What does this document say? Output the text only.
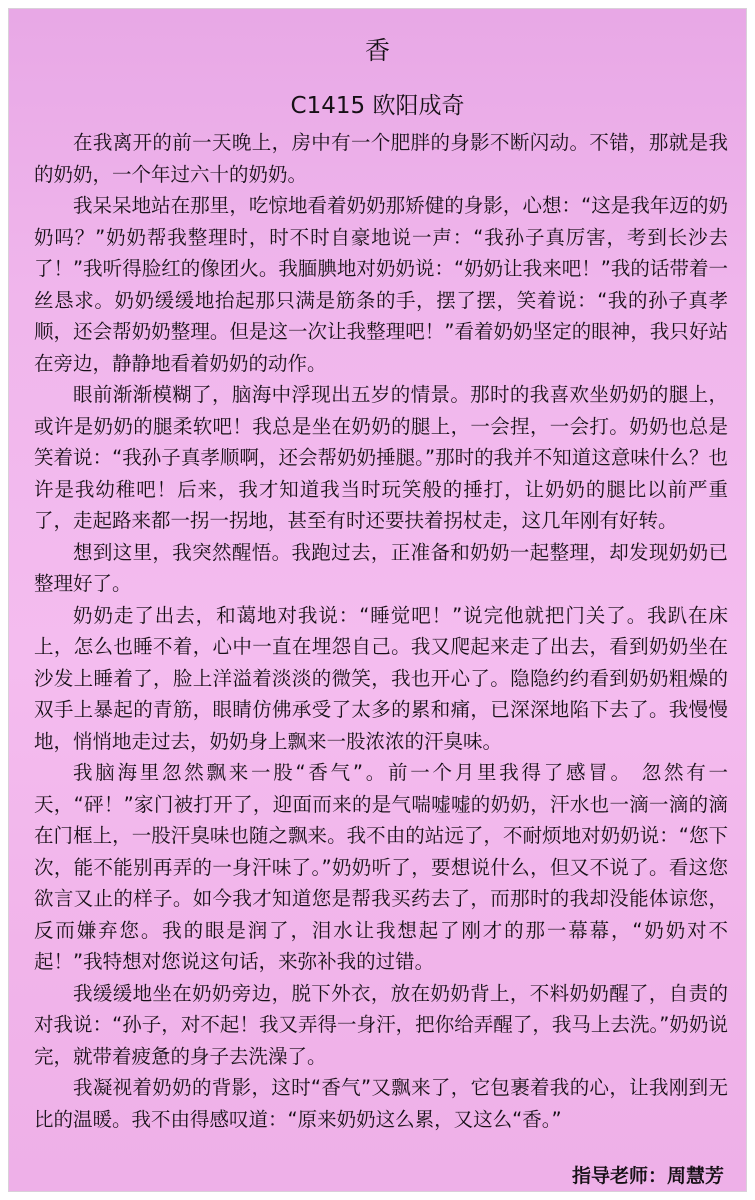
香
C1415 欧阳成奇

在我离开的前一天晚上，房中有一个肥胖的身影不断闪动。不错，那就是我的奶奶，一个年过六十的奶奶。

我呆呆地站在那里，吃惊地看着奶奶那矫健的身影，心想：“这是我年迈的奶奶吗？”奶奶帮我整理时，时不时自豪地说一声：“我孙子真厉害，考到长沙去了！”我听得脸红的像团火。我腼腆地对奶奶说：“奶奶让我来吧！”我的话带着一丝恳求。奶奶缓缓地抬起那只满是筋条的手，摆了摆，笑着说：“我的孙子真孝顺，还会帮奶奶整理。但是这一次让我整理吧！”看着奶奶坚定的眼神，我只好站在旁边，静静地看着奶奶的动作。

眼前渐渐模糊了，脑海中浮现出五岁的情景。那时的我喜欢坐奶奶的腿上，或许是奶奶的腿柔软吧！我总是坐在奶奶的腿上，一会捏，一会打。奶奶也总是笑着说：“我孙子真孝顺啊，还会帮奶奶捶腿。”那时的我并不知道这意味什么？也许是我幼稚吧！后来，我才知道我当时玩笑般的捶打，让奶奶的腿比以前严重了，走起路来都一拐一拐地，甚至有时还要扶着拐杖走，这几年刚有好转。

想到这里，我突然醒悟。我跑过去，正准备和奶奶一起整理，却发现奶奶已整理好了。

奶奶走了出去，和蔼地对我说：“睡觉吧！”说完他就把门关了。我趴在床上，怎么也睡不着，心中一直在埋怨自己。我又爬起来走了出去，看到奶奶坐在沙发上睡着了，脸上洋溢着淡淡的微笑，我也开心了。隐隐约约看到奶奶粗燥的双手上暴起的青筋，眼睛仿佛承受了太多的累和痛，已深深地陷下去了。我慢慢地，悄悄地走过去，奶奶身上飘来一股浓浓的汗臭味。

我脑海里忽然飘来一股“香气”。前一个月里我得了感冒。 忽然有一天，“砰！”家门被打开了，迎面而来的是气喘嘘嘘的奶奶，汗水也一滴一滴的滴在门框上，一股汗臭味也随之飘来。我不由的站远了，不耐烦地对奶奶说：“您下次，能不能别再弄的一身汗味了。”奶奶听了，要想说什么，但又不说了。看这您欲言又止的样子。如今我才知道您是帮我买药去了，而那时的我却没能体谅您，反而嫌弃您。我的眼是润了，泪水让我想起了刚才的那一幕幕，“奶奶对不起！”我特想对您说这句话，来弥补我的过错。

我缓缓地坐在奶奶旁边，脱下外衣，放在奶奶背上，不料奶奶醒了，自责的对我说：“孙子，对不起！我又弄得一身汗，把你给弄醒了，我马上去洗。”奶奶说完，就带着疲惫的身子去洗澡了。

我凝视着奶奶的背影，这时“香气”又飘来了，它包裹着我的心，让我刚到无比的温暖。我不由得感叹道：“原来奶奶这么累，又这么“香。”

指导老师：周慧芳
